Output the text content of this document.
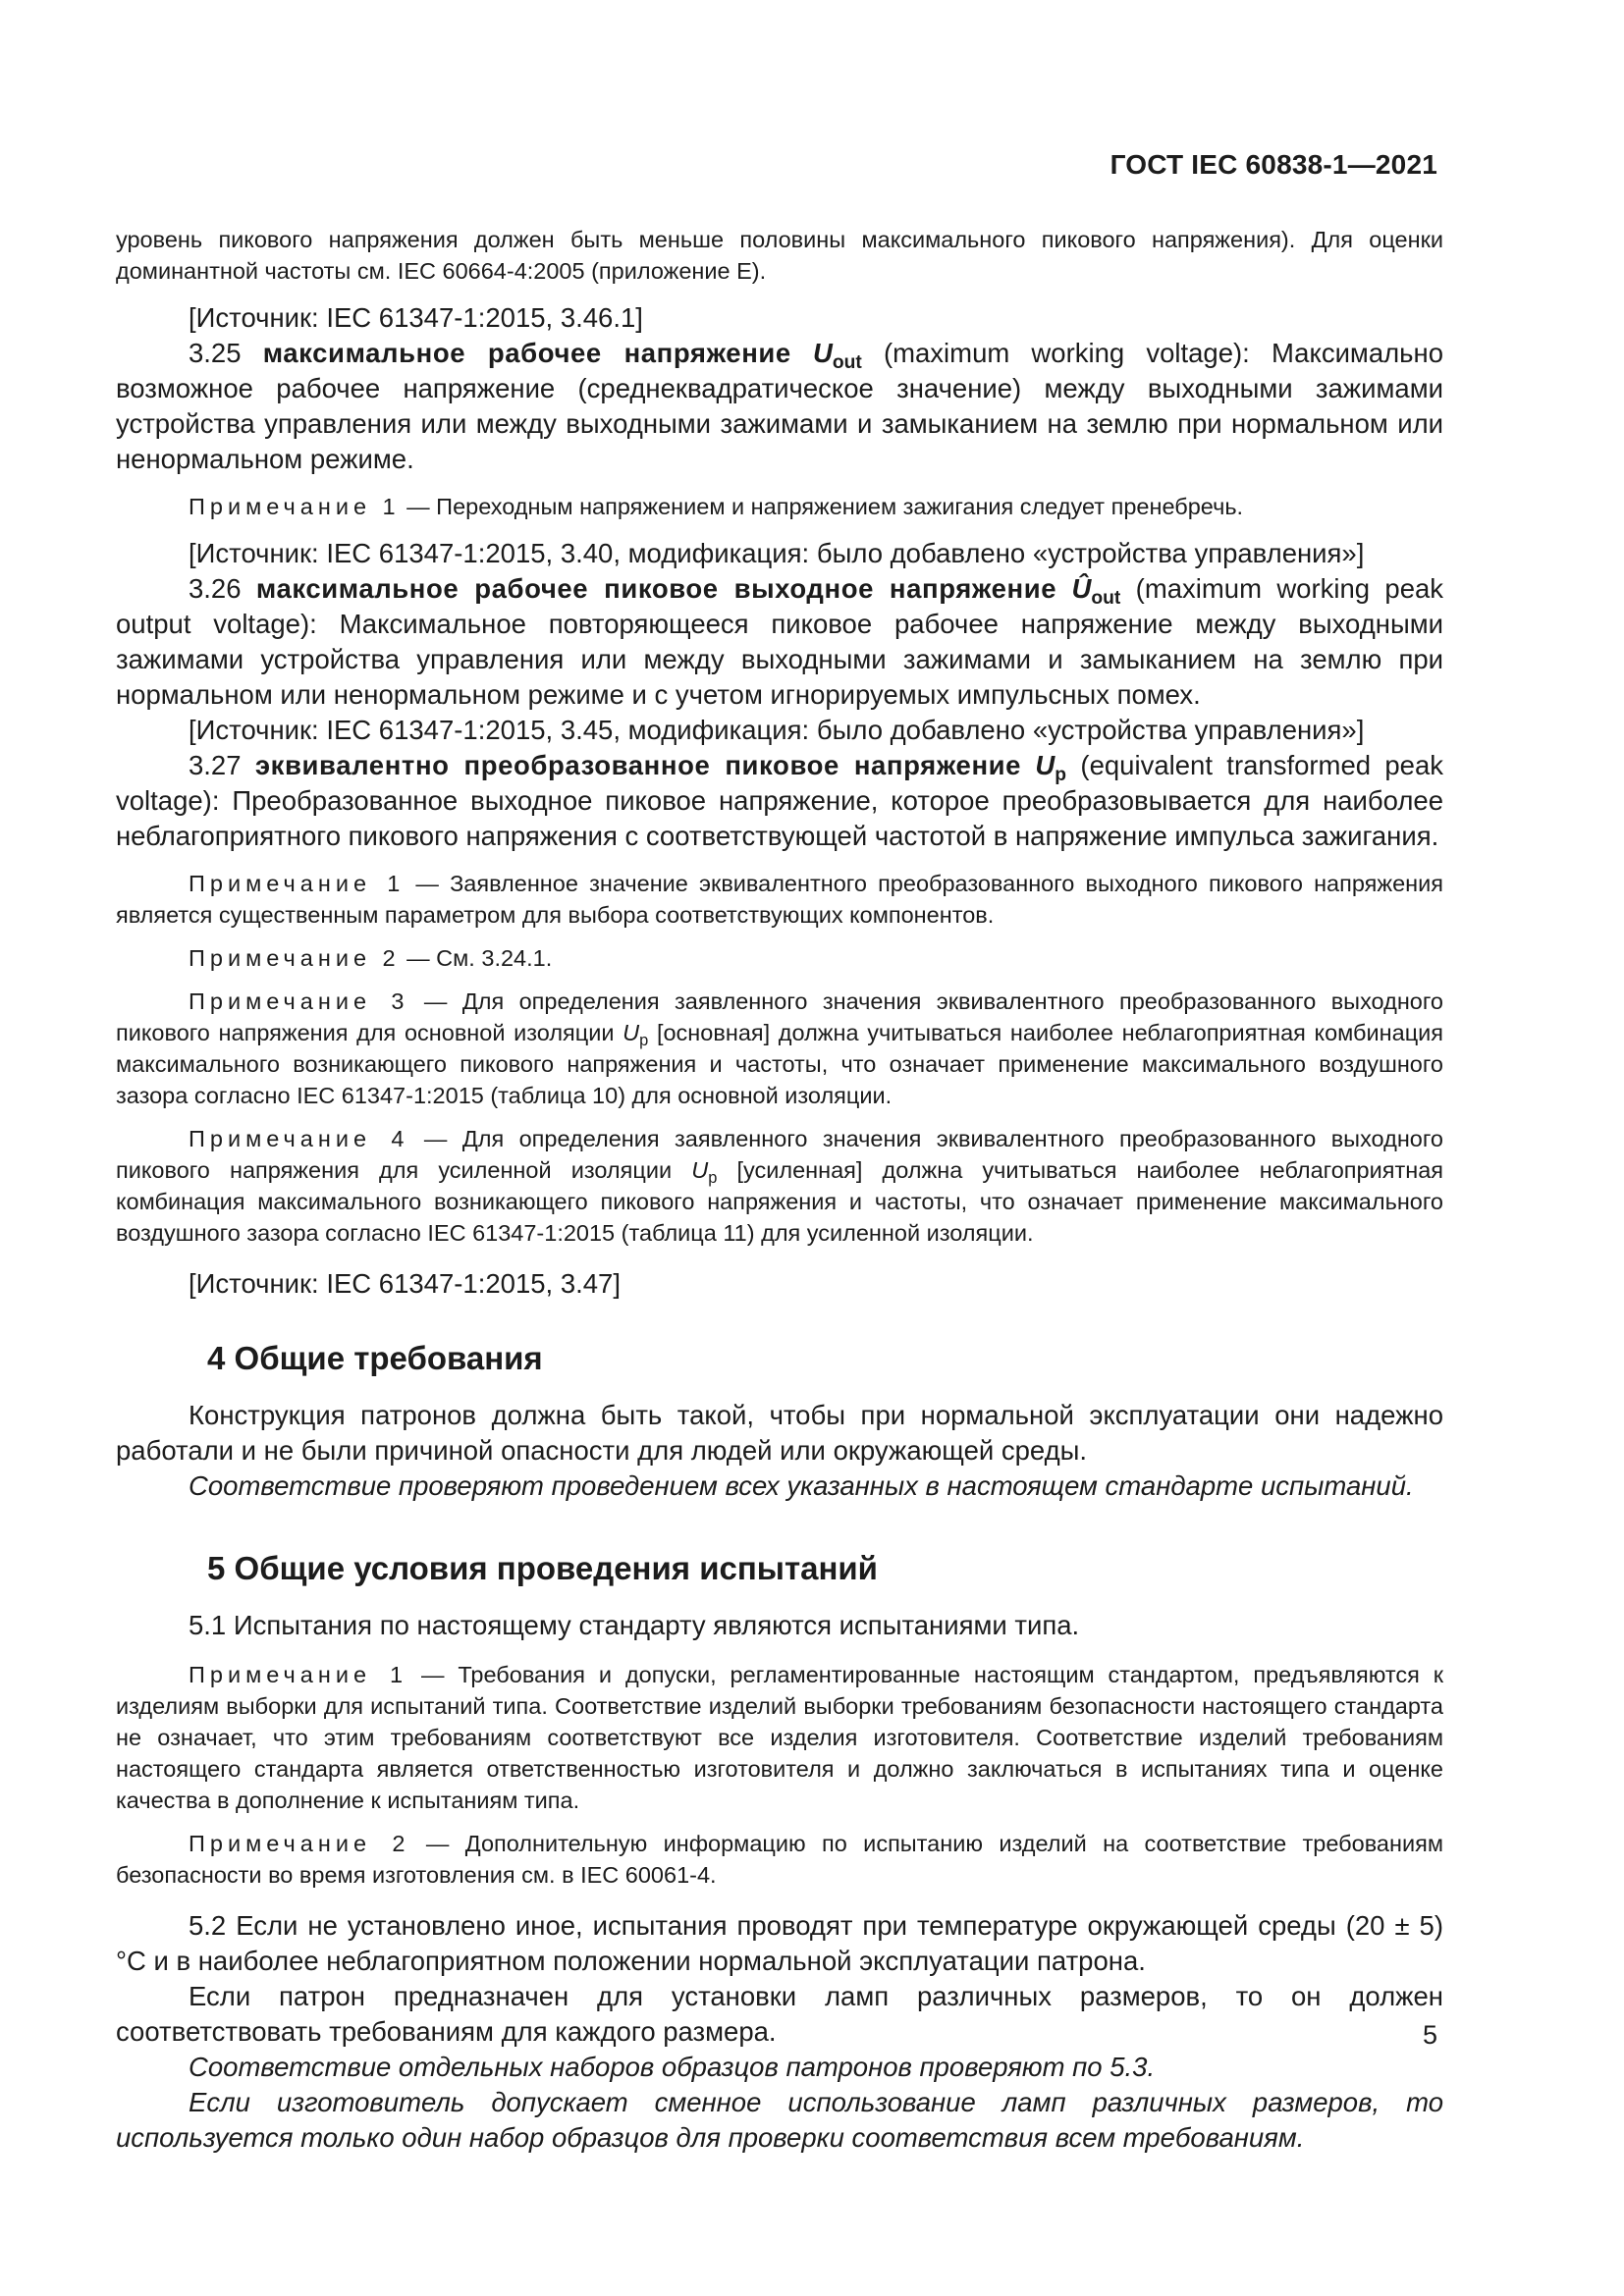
ГОСТ IEC 60838-1—2021

уровень пикового напряжения должен быть меньше половины максимального пикового напряжения). Для оценки доминантной частоты см. IEC 60664-4:2005 (приложение Е).

[Источник: IEC 61347-1:2015, 3.46.1]

3.25 максимальное рабочее напряжение $U_{out}$ (maximum working voltage): Максимально возможное рабочее напряжение (среднеквадратическое значение) между выходными зажимами устройства управления или между выходными зажимами и замыканием на землю при нормальном или ненормальном режиме.

Примечание 1 — Переходным напряжением и напряжением зажигания следует пренебречь.

[Источник: IEC 61347-1:2015, 3.40, модификация: было добавлено «устройства управления»]

3.26 максимальное рабочее пиковое выходное напряжение $Û_{out}$ (maximum working peak output voltage): Максимальное повторяющееся пиковое рабочее напряжение между выходными зажимами устройства управления или между выходными зажимами и замыканием на землю при нормальном или ненормальном режиме и с учетом игнорируемых импульсных помех.

[Источник: IEC 61347-1:2015, 3.45, модификация: было добавлено «устройства управления»]

3.27 эквивалентно преобразованное пиковое напряжение $U_p$ (equivalent transformed peak voltage): Преобразованное выходное пиковое напряжение, которое преобразовывается для наиболее неблагоприятного пикового напряжения с соответствующей частотой в напряжение импульса зажигания.

Примечание 1 — Заявленное значение эквивалентного преобразованного выходного пикового напряжения является существенным параметром для выбора соответствующих компонентов.

Примечание 2 — См. 3.24.1.

Примечание 3 — Для определения заявленного значения эквивалентного преобразованного выходного пикового напряжения для основной изоляции $U_p$ [основная] должна учитываться наиболее неблагоприятная комбинация максимального возникающего пикового напряжения и частоты, что означает применение максимального воздушного зазора согласно IEC 61347-1:2015 (таблица 10) для основной изоляции.

Примечание 4 — Для определения заявленного значения эквивалентного преобразованного выходного пикового напряжения для усиленной изоляции $U_p$ [усиленная] должна учитываться наиболее неблагоприятная комбинация максимального возникающего пикового напряжения и частоты, что означает применение максимального воздушного зазора согласно IEC 61347-1:2015 (таблица 11) для усиленной изоляции.

[Источник: IEC 61347-1:2015, 3.47]

4 Общие требования

Конструкция патронов должна быть такой, чтобы при нормальной эксплуатации они надежно работали и не были причиной опасности для людей или окружающей среды.

Соответствие проверяют проведением всех указанных в настоящем стандарте испытаний.

5 Общие условия проведения испытаний

5.1 Испытания по настоящему стандарту являются испытаниями типа.

Примечание 1 — Требования и допуски, регламентированные настоящим стандартом, предъявляются к изделиям выборки для испытаний типа. Соответствие изделий выборки требованиям безопасности настоящего стандарта не означает, что этим требованиям соответствуют все изделия изготовителя. Соответствие изделий требованиям настоящего стандарта является ответственностью изготовителя и должно заключаться в испытаниях типа и оценке качества в дополнение к испытаниям типа.

Примечание 2 — Дополнительную информацию по испытанию изделий на соответствие требованиям безопасности во время изготовления см. в IEC 60061-4.

5.2 Если не установлено иное, испытания проводят при температуре окружающей среды (20 ± 5) °С и в наиболее неблагоприятном положении нормальной эксплуатации патрона.

Если патрон предназначен для установки ламп различных размеров, то он должен соответствовать требованиям для каждого размера.

Соответствие отдельных наборов образцов патронов проверяют по 5.3.

Если изготовитель допускает сменное использование ламп различных размеров, то используется только один набор образцов для проверки соответствия всем требованиям.

5
